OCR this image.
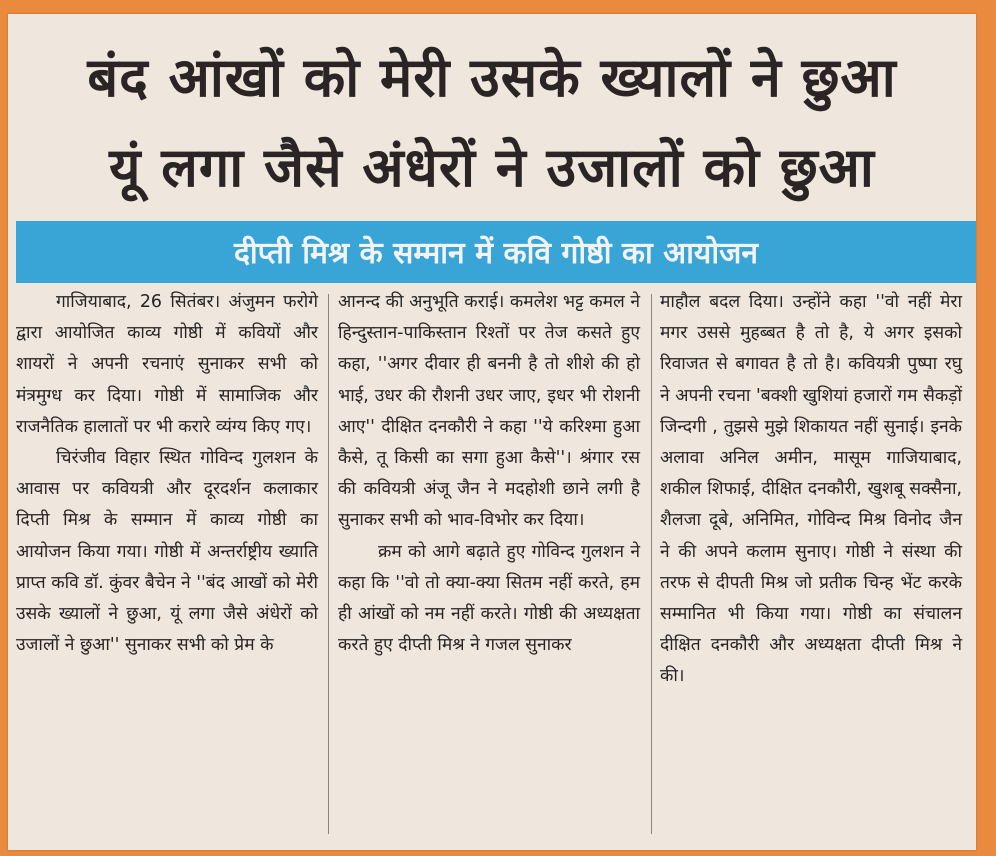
बंद आंखों को मेरी उसके ख्यालों ने छुआ
यूं लगा जैसे अंधेरों ने उजालों को छुआ
दीप्ती मिश्र के सम्मान में कवि गोष्ठी का आयोजन

गाजियाबाद, 26 सितंबर। अंजुमन फरोगे द्वारा आयोजित काव्य गोष्ठी में कवियों और शायरों ने अपनी रचनाएं सुनाकर सभी को मंत्रमुग्ध कर दिया। गोष्ठी में सामाजिक और राजनैतिक हालातों पर भी करारे व्यंग्य किए गए।

चिरंजीव विहार स्थित गोविन्द गुलशन के आवास पर कवियत्री और दूरदर्शन कलाकार दिप्ती मिश्र के सम्मान में काव्य गोष्ठी का आयोजन किया गया। गोष्ठी में अन्तर्राष्ट्रीय ख्याति प्राप्त कवि डॉ. कुंवर बैचेन ने ''बंद आखों को मेरी उसके ख्यालों ने छुआ, यूं लगा जैसे अंधेरों को उजालों ने छुआ'' सुनाकर सभी को प्रेम के

आनन्द की अनुभूति कराई। कमलेश भट्ट कमल ने हिन्दुस्तान-पाकिस्तान रिश्तों पर तेज कसते हुए कहा, ''अगर दीवार ही बननी है तो शीशे की हो भाई, उधर की रौशनी उधर जाए, इधर भी रोशनी आए'' दीक्षित दनकौरी ने कहा ''ये करिश्मा हुआ कैसे, तू किसी का सगा हुआ कैसे''। श्रंगार रस की कवियत्री अंजू जैन ने मदहोशी छाने लगी है सुनाकर सभी को भाव-विभोर कर दिया।

क्रम को आगे बढ़ाते हुए गोविन्द गुलशन ने कहा कि ''वो तो क्या-क्या सितम नहीं करते, हम ही आंखों को नम नहीं करते। गोष्ठी की अध्यक्षता करते हुए दीप्ती मिश्र ने गजल सुनाकर

माहौल बदल दिया। उन्होंने कहा ''वो नहीं मेरा मगर उससे मुहब्बत है तो है, ये अगर इसको रिवाजत से बगावत है तो है। कवियत्री पुष्पा रघु ने अपनी रचना 'बक्शी खुशियां हजारों गम सैकड़ों जिन्दगी , तुझसे मुझे शिकायत नहीं सुनाई। इनके अलावा अनिल अमीन, मासूम गाजियाबाद, शकील शिफाई, दीक्षित दनकौरी, खुशबू सक्सैना, शैलजा दूबे, अनिमित, गोविन्द मिश्र विनोद जैन ने की अपने कलाम सुनाए। गोष्ठी ने संस्था की तरफ से दीपती मिश्र जो प्रतीक चिन्ह भेंट करके सम्मानित भी किया गया। गोष्ठी का संचालन दीक्षित दनकौरी और अध्यक्षता दीप्ती मिश्र ने की।
